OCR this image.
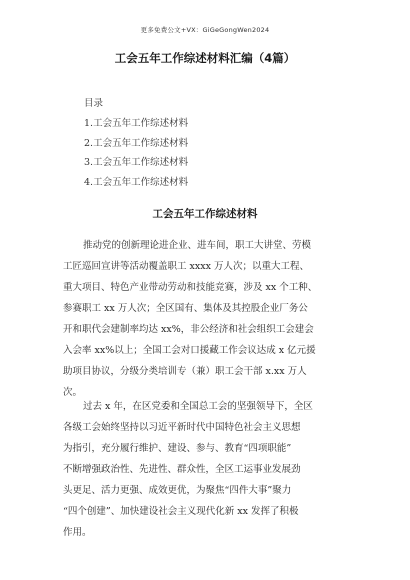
更多免费公文+VX：GiGeGongWen2024
工会五年工作综述材料汇编（4篇）
目录
1.工会五年工作综述材料
2.工会五年工作综述材料
3.工会五年工作综述材料
4.工会五年工作综述材料
工会五年工作综述材料
推动党的创新理论进企业、进车间，职工大讲堂、劳模
工匠巡回宣讲等活动覆盖职工 xxxx 万人次；以重大工程、
重大项目、特色产业带动劳动和技能竞赛，涉及 xx 个工种、
参赛职工 xx 万人次；全区国有、集体及其控股企业厂务公
开和职代会建制率均达 xx%，非公经济和社会组织工会建会
入会率 xx%以上；全国工会对口援藏工作会议达成 x 亿元援
助项目协议，分级分类培训专（兼）职工会干部 x.xx 万人
次。
过去 x 年，在区党委和全国总工会的坚强领导下，全区
各级工会始终坚持以习近平新时代中国特色社会主义思想
为指引，充分履行维护、建设、参与、教育“四项职能”
不断增强政治性、先进性、群众性，全区工运事业发展劲
头更足、活力更强、成效更优，为聚焦“四件大事”聚力
“四个创建”、加快建设社会主义现代化新 xx 发挥了积极
作用。
